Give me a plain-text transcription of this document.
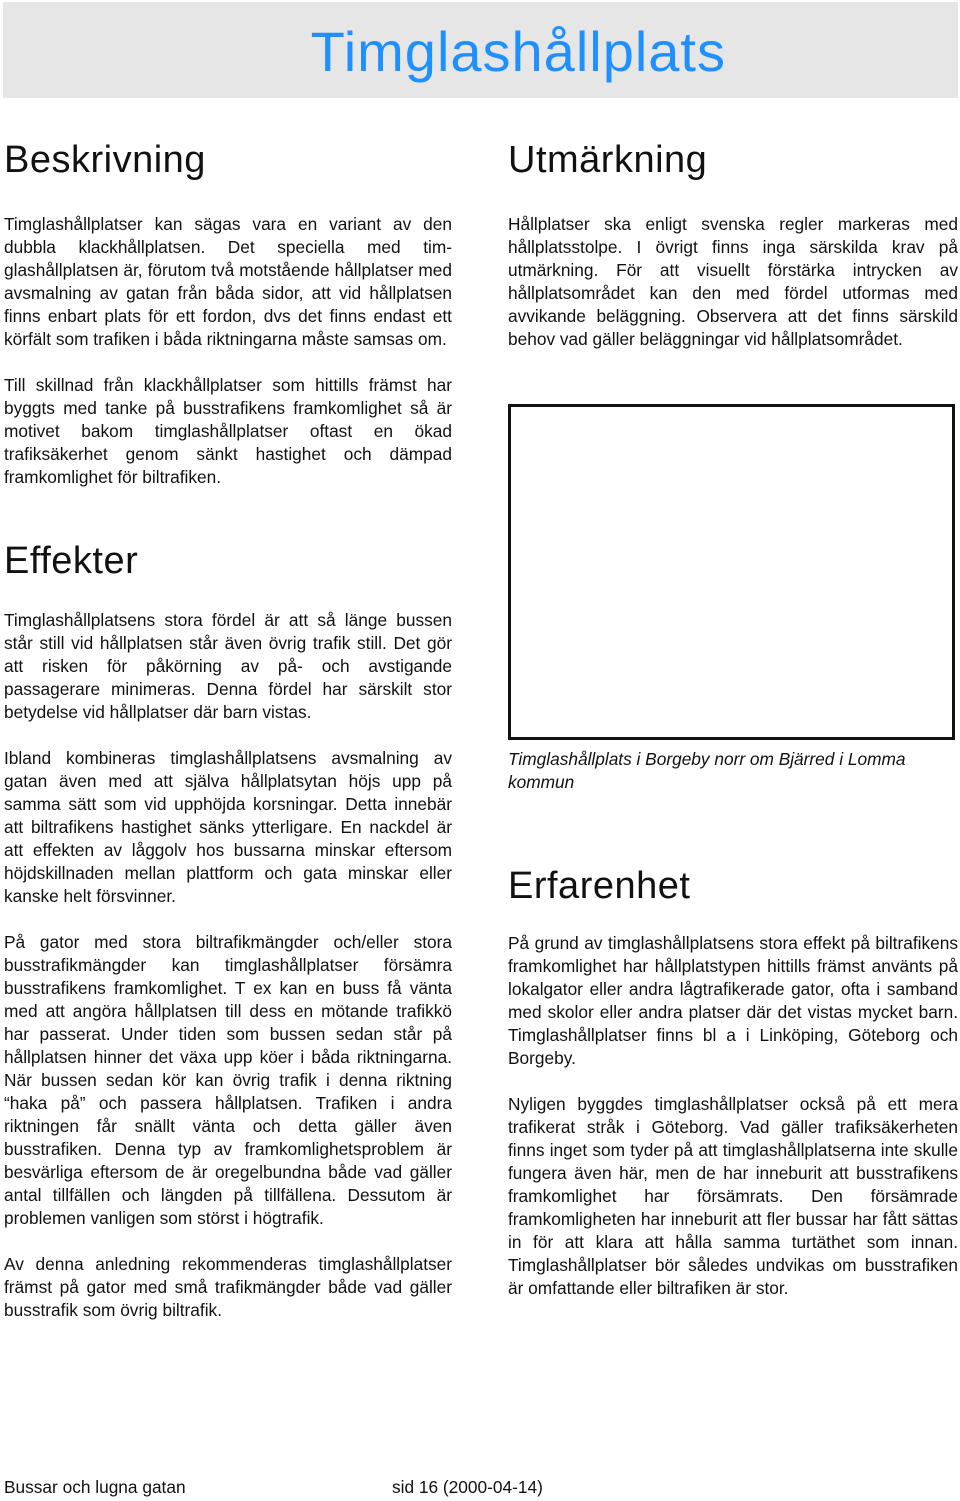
Timglashållplats
Beskrivning

Timglashållplatser kan sägas vara en variant av den dubbla klackhållplatsen. Det speciella med timglashållplatsen är, förutom två motstående hållplatser med avsmalning av gatan från båda sidor, att vid hållplatsen finns enbart plats för ett fordon, dvs det finns endast ett körfält som trafiken i båda riktningarna måste samsas om.

Till skillnad från klackhållplatser som hittills främst har byggts med tanke på busstrafikens framkomlighet så är motivet bakom timglashållplatser oftast en ökad trafiksäkerhet genom sänkt hastighet och dämpad framkomlighet för biltrafiken.

Effekter

Timglashållplatsens stora fördel är att så länge bussen står still vid hållplatsen står även övrig trafik still. Det gör att risken för påkörning av på- och avstigande passagerare minimeras. Denna fördel har särskilt stor betydelse vid hållplatser där barn vistas.

Ibland kombineras timglashållplatsens avsmalning av gatan även med att själva hållplatsytan höjs upp på samma sätt som vid upphöjda korsningar. Detta innebär att biltrafikens hastighet sänks ytterligare. En nackdel är att effekten av låggolv hos bussarna minskar eftersom höjdskillnaden mellan plattform och gata minskar eller kanske helt försvinner.

På gator med stora biltrafikmängder och/eller stora busstrafikmängder kan timglashållplatser försämra busstrafikens framkomlighet. T ex kan en buss få vänta med att angöra hållplatsen till dess en mötande trafikkö har passerat. Under tiden som bussen sedan står på hållplatsen hinner det växa upp köer i båda riktningarna. När bussen sedan kör kan övrig trafik i denna riktning “haka på” och passera hållplatsen. Trafiken i andra riktningen får snällt vänta och detta gäller även busstrafiken. Denna typ av framkomlighetsproblem är besvärliga eftersom de är oregelbundna både vad gäller antal tillfällen och längden på tillfällena. Dessutom är problemen vanligen som störst i högtrafik.

Av denna anledning rekommenderas timglashållplatser främst på gator med små trafikmängder både vad gäller busstrafik som övrig biltrafik.

Utmärkning

Hållplatser ska enligt svenska regler markeras med hållplatsstolpe. I övrigt finns inga särskilda krav på utmärkning. För att visuellt förstärka intrycken av hållplatsområdet kan den med fördel utformas med avvikande beläggning. Observera att det finns särskild behov vad gäller beläggningar vid hållplatsområdet.

Timglashållplats i Borgeby norr om Bjärred i Lomma kommun
Erfarenhet

På grund av timglashållplatsens stora effekt på biltrafikens framkomlighet har hållplatstypen hittills främst använts på lokalgator eller andra lågtrafikerade gator, ofta i samband med skolor eller andra platser där det vistas mycket barn. Timglashållplatser finns bl a i Linköping, Göteborg och Borgeby.

Nyligen byggdes timglashållplatser också på ett mera trafikerat stråk i Göteborg. Vad gäller trafiksäkerheten finns inget som tyder på att timglashållplatserna inte skulle fungera även här, men de har inneburit att busstrafikens framkomlighet har försämrats. Den försämrade framkomligheten har inneburit att fler bussar har fått sättas in för att klara att hålla samma turtäthet som innan. Timglashållplatser bör således undvikas om busstrafiken är omfattande eller biltrafiken är stor.

Bussar och lugna gatan	sid 16 (2000-04-14)
